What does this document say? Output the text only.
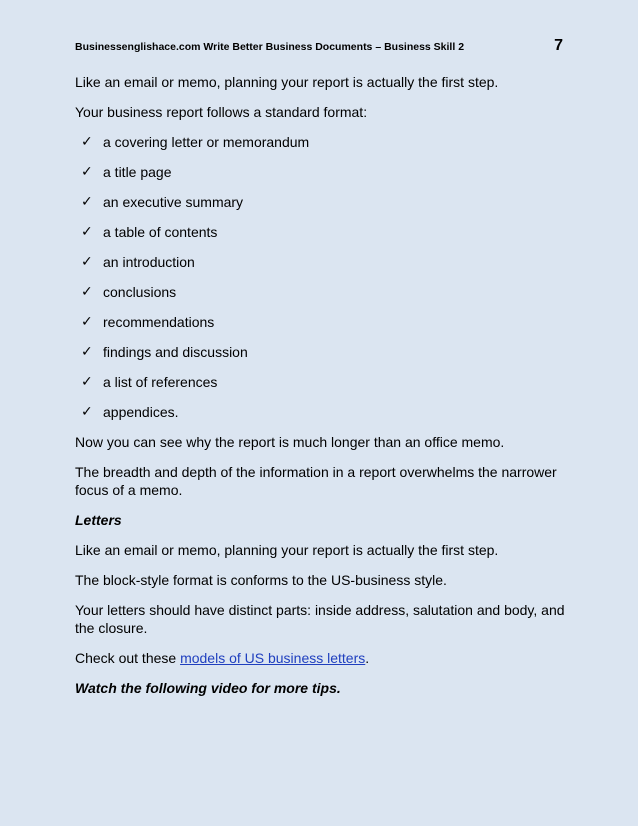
Businessenglishace.com Write Better Business Documents – Business Skill 2	7

Like an email or memo, planning your report is actually the first step.

Your business report follows a standard format:

✓ a covering letter or memorandum
✓ a title page
✓ an executive summary
✓ a table of contents
✓ an introduction
✓ conclusions
✓ recommendations
✓ findings and discussion
✓ a list of references
✓ appendices.

Now you can see why the report is much longer than an office memo.

The breadth and depth of the information in a report overwhelms the narrower focus of a memo.

Letters

Like an email or memo, planning your report is actually the first step.

The block-style format is conforms to the US-business style.

Your letters should have distinct parts: inside address, salutation and body, and the closure.

Check out these models of US business letters.

Watch the following video for more tips.
